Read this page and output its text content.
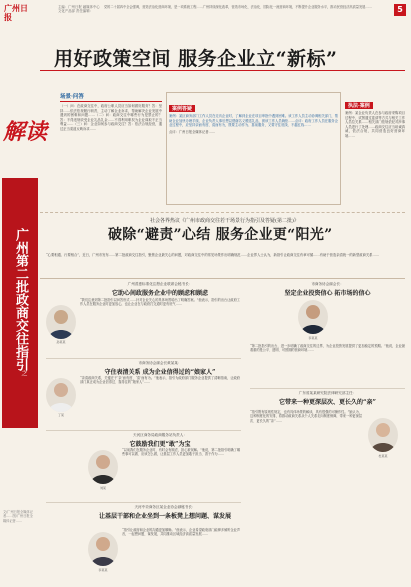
广州日报
主编：广州日报 融媒体中心 文化产品部 责任编辑：
党的二十届四中全会强调，营造法治化营商环境，是一项系统工程……广州持续深化改革，营造市场化、法治化、国际化一流营商环境，不断提升企业服务水平，推动民营经济高质量发展……	5
用好政策空间 服务企业立“新标”
解读
广州第二批政商交往指引
之
文/广州日报全媒体记者……图/广州日报全媒体记者……
场景·问答
（一）问：在政商交往中，政府公职人员应当如何做好服务？答：坚持……依法依规履行职责，主动了解企业诉求，帮助解决企业发展中遇到的困难和问题……（二）问：政商交往中哪些行为是禁止的？答：不得违规收受企业礼品礼金……不得利用职权为企业谋取不正当利益……（三）问：企业如何参与政商交往？答：依法合规经营，通过正当渠道反映诉求……
案例答疑
案例：某区商务部门工作人员在走访企业时，了解到企业在项目审批中遇到困难。该工作人员主动协调相关部门，帮助企业加快办理手续，企业负责人事后想以感谢名义赠送礼品，被该工作人员婉拒……点评：政府工作人员在服务企业过程中，应坚持亲而有度、清而有为，既要主动作为、靠前服务，又要守住底线、不越红线……
点评：广州日报全媒体记者……
执法·案例
案例：某企业负责人在参与政府采购项目过程中，试图通过宴请等方式与相关工作人员拉关系……相关部门依规依纪对涉事人员进行了处理……政商交往应当坦诚真诚，依法合规，共同营造良好营商环境……
社会各界热议《广州市政商交往若干场景行为指引及答疑(第二批)》
破除“避责”心结 服务企业更“阳光”
“心要相通、行要相合”，近日，广州市发布……第二批政商交往指引，聚焦企业最关心的问题，对政商交往中的常见场景作出明确规范……企业界人士认为，新指引让政商交往有章可循……有助于营造亲清统一的新型政商关系……
广州普惠标准化注册企业联席会秘书长：
它助心间政服务企业中的顾虑和顾虑
孙某某
“我们注意到第二批指引以问答形式……针对企业关心的具体场景给出了明确答案。”他表示，指引的出台让政府工作人员在服务企业时更加放心，也让企业在与政府打交道时更有底气……
市商务协会副会长：
坚定企业投资信心 拓市场的信心
李某某
“第二批指引的出台，进一步明确了政商交往的边界，为企业投资发展提供了更加稳定的预期。”他说，企业最看重的是公平、透明、可预期的营商环境……
市商务协会副会长黄某某：
守住表清关系 成为企业信得过的“娘家人”
丁某
“亲清政商关系，关键在于‘亲’而有度、‘清’而有为。”他表示，指引为政府部门服务企业提供了清晰指南，让政府部门真正成为企业信得过、靠得住的“娘家人”……
广东省某某研究院法律研究部主任：
它带来一种更深层次、更长久的“亲”
杜某某
“指引既有原则性规定，也有具体场景的解读，具有很强的可操作性。”她认为，这种制度化的安排，将推动政商关系从个人关系走向制度保障，带来一种更深层次、更长久的“亲”……
天河区商务局政商服务站负责人：
它鼓励我们更“敢”为宝
刘某
“以前我们在服务企业时，有时会有顾虑，担心被误解。”他说，第二批指引明确了哪些事可以做、应该怎么做，让基层工作人员更加敢于担当、善于作为……
天河中央商务区某企业协会副秘书长：
让基层干部和企业坐到一条板凳上想问题、谋发展
李某某
“指引让政府和企业的沟通更加顺畅。”他表示，企业希望政府部门能够多倾听企业声音，一起想问题、谋发展，共同推动区域经济高质量发展……
